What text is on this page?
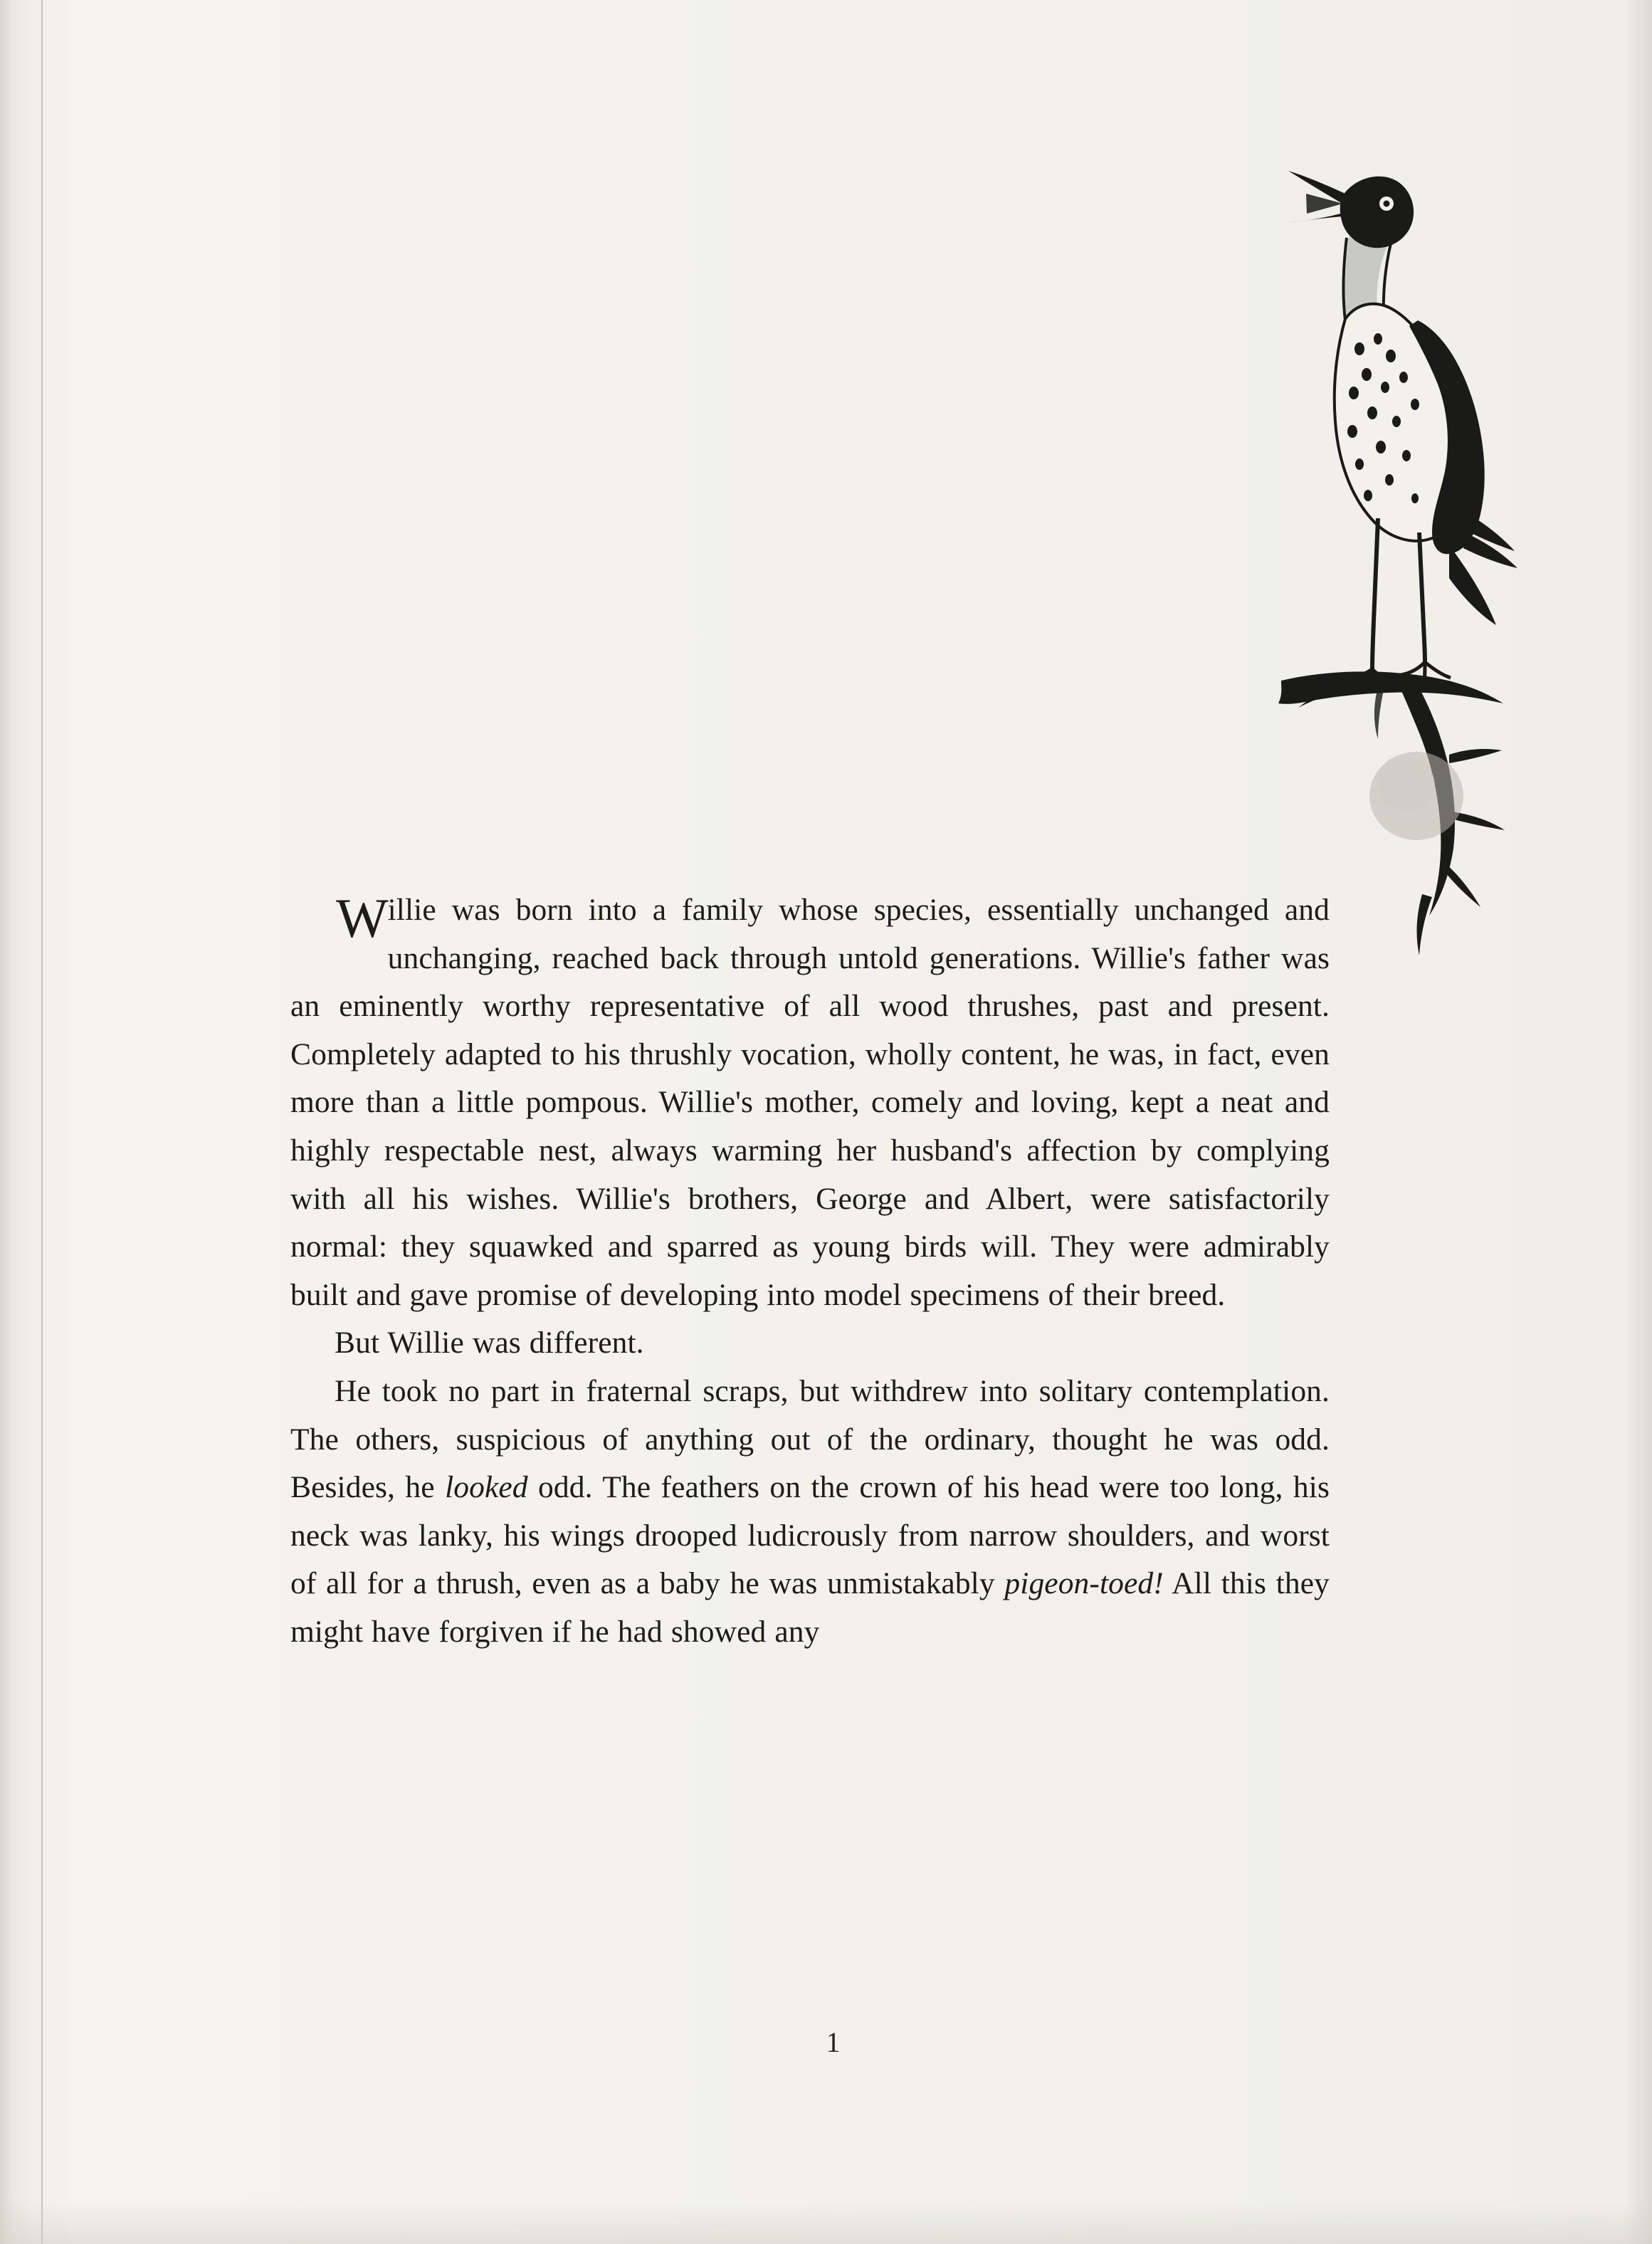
Willie was born into a family whose species, essentially unchanged and unchanging, reached back through untold generations. Willie's father was an eminently worthy representative of all wood thrushes, past and present. Completely adapted to his thrushly vocation, wholly content, he was, in fact, even more than a little pompous. Willie's mother, comely and loving, kept a neat and highly respectable nest, always warming her husband's affection by complying with all his wishes. Willie's brothers, George and Albert, were satisfactorily normal: they squawked and sparred as young birds will. They were admirably built and gave promise of developing into model specimens of their breed.

But Willie was different.

He took no part in fraternal scraps, but withdrew into solitary contemplation. The others, suspicious of anything out of the ordinary, thought he was odd. Besides, he looked odd. The feathers on the crown of his head were too long, his neck was lanky, his wings drooped ludicrously from narrow shoulders, and worst of all for a thrush, even as a baby he was unmistakably pigeon-toed! All this they might have forgiven if he had showed any

1
